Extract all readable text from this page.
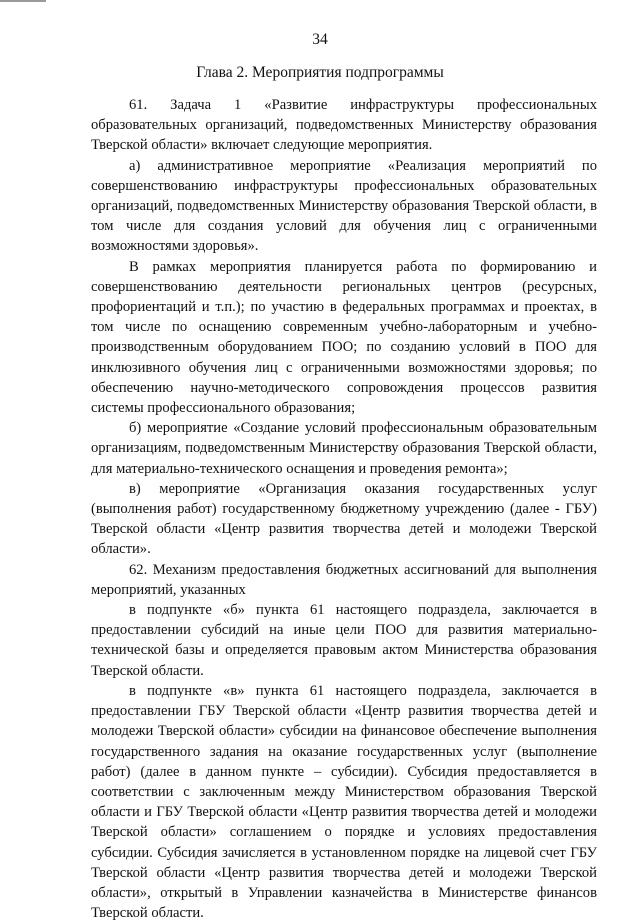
34
Глава 2. Мероприятия подпрограммы

61. Задача 1 «Развитие инфраструктуры профессиональных образовательных организаций, подведомственных Министерству образования Тверской области» включает следующие мероприятия.

а) административное мероприятие «Реализация мероприятий по совершенствованию инфраструктуры профессиональных образовательных организаций, подведомственных Министерству образования Тверской области, в том числе для создания условий для обучения лиц с ограниченными возможностями здоровья».

В рамках мероприятия планируется работа по формированию и совершенствованию деятельности региональных центров (ресурсных, профориентаций и т.п.); по участию в федеральных программах и проектах, в том числе по оснащению современным учебно-лабораторным и учебно-производственным оборудованием ПОО; по созданию условий в ПОО для инклюзивного обучения лиц с ограниченными возможностями здоровья; по обеспечению научно-методического сопровождения процессов развития системы профессионального образования;

б) мероприятие «Создание условий профессиональным образовательным организациям, подведомственным Министерству образования Тверской области, для материально-технического оснащения и проведения ремонта»;

в) мероприятие «Организация оказания государственных услуг (выполнения работ) государственному бюджетному учреждению (далее - ГБУ) Тверской области «Центр развития творчества детей и молодежи Тверской области».

62. Механизм предоставления бюджетных ассигнований для выполнения мероприятий, указанных

в подпункте «б» пункта 61 настоящего подраздела, заключается в предоставлении субсидий на иные цели ПОО для развития материально-технической базы и определяется правовым актом Министерства образования Тверской области.

в подпункте «в» пункта 61 настоящего подраздела, заключается в предоставлении ГБУ Тверской области «Центр развития творчества детей и молодежи Тверской области» субсидии на финансовое обеспечение выполнения государственного задания на оказание государственных услуг (выполнение работ) (далее в данном пункте – субсидии). Субсидия предоставляется в соответствии с заключенным между Министерством образования Тверской области и ГБУ Тверской области «Центр развития творчества детей и молодежи Тверской области» соглашением о порядке и условиях предоставления субсидии. Субсидия зачисляется в установленном порядке на лицевой счет ГБУ Тверской области «Центр развития творчества детей и молодежи Тверской области», открытый в Управлении казначейства в Министерстве финансов Тверской области.
